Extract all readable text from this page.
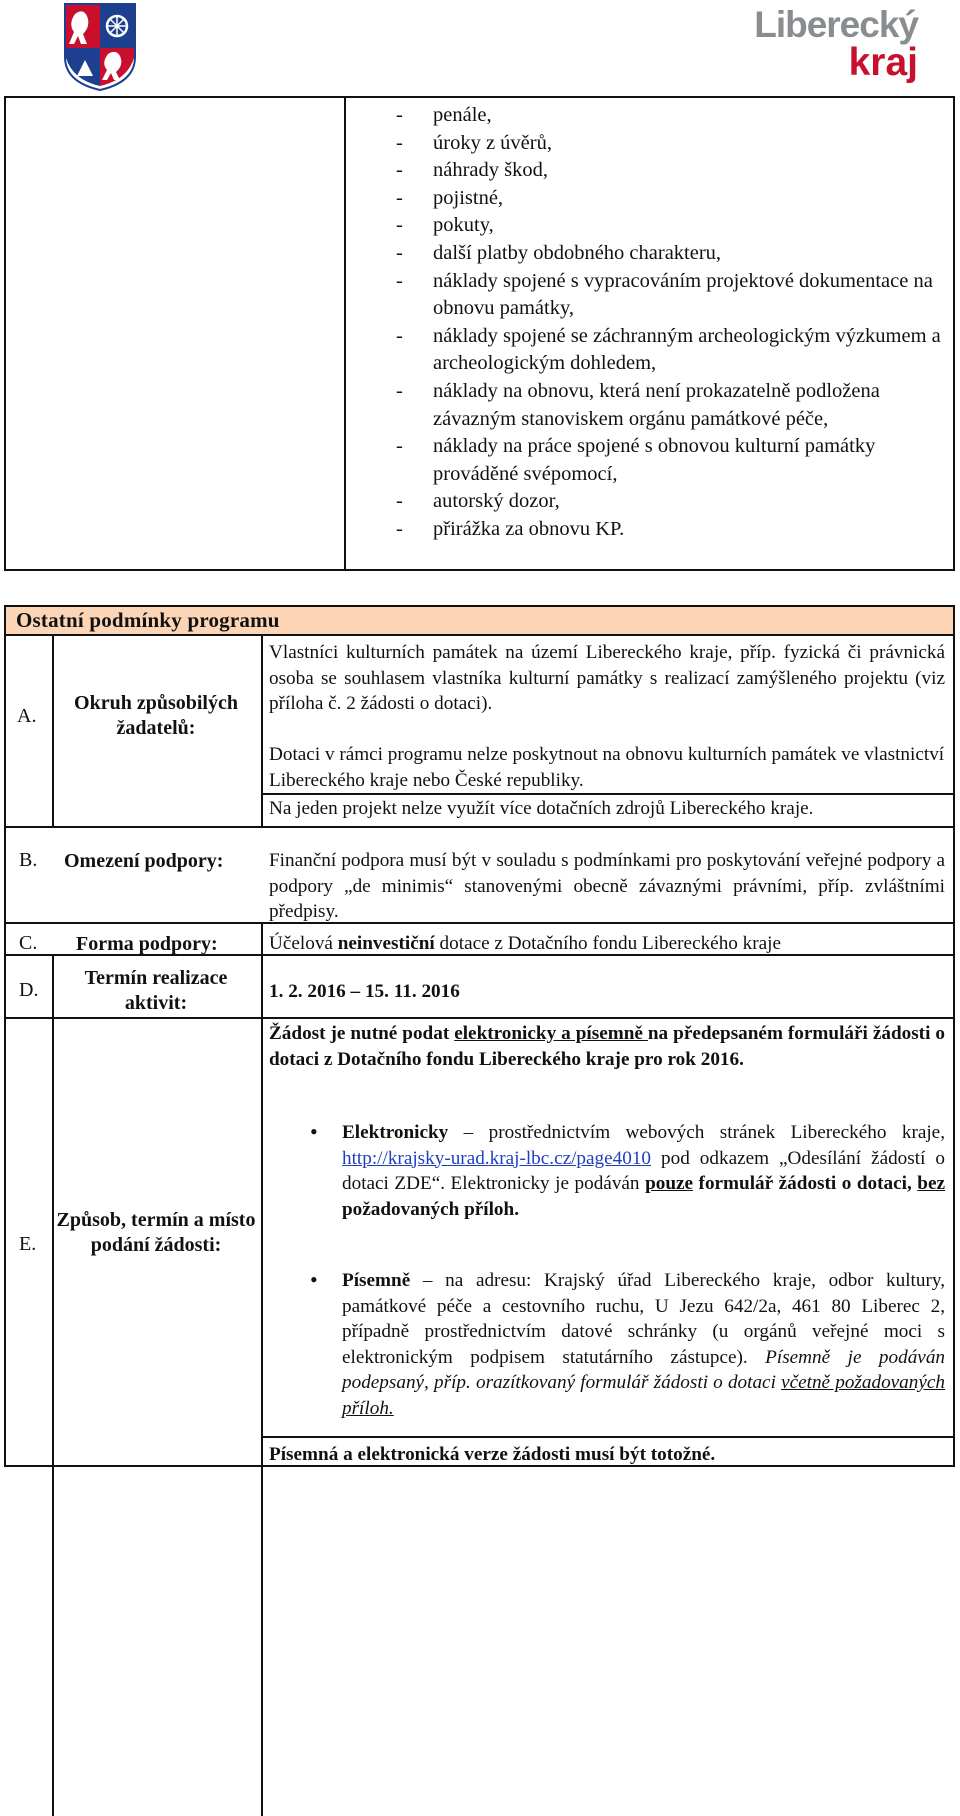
Liberecký
kraj
- penále,
- úroky z úvěrů,
- náhrady škod,
- pojistné,
- pokuty,
- další platby obdobného charakteru,
- náklady spojené s vypracováním projektové dokumentace na obnovu památky,
- náklady spojené se záchranným archeologickým výzkumem a archeologickým dohledem,
- náklady na obnovu, která není prokazatelně podložena závazným stanoviskem orgánu památkové péče,
- náklady na práce spojené s obnovou kulturní památky prováděné svépomocí,
- autorský dozor,
- přirážka za obnovu KP.
Ostatní podmínky programu
A.
Okruh způsobilých žadatelů:
Vlastníci kulturních památek na území Libereckého kraje, příp. fyzická či právnická osoba se souhlasem vlastníka kulturní památky s realizací zamýšleného projektu (viz příloha č. 2 žádosti o dotaci).
Dotaci v rámci programu nelze poskytnout na obnovu kulturních památek ve vlastnictví Libereckého kraje nebo České republiky.
Na jeden projekt nelze využít více dotačních zdrojů Libereckého kraje.
B. Omezení podpory:	Finanční podpora musí být v souladu s podmínkami pro poskytování veřejné podpory a podpory „de minimis“ stanovenými obecně závaznými právními, příp. zvláštními předpisy.
C. Forma podpory:	Účelová neinvestiční dotace z Dotačního fondu Libereckého kraje
D.
Termín realizace aktivit:
1. 2. 2016 – 15. 11. 2016
E.
Způsob, termín a místo podání žádosti:
Žádost je nutné podat elektronicky a písemně na předepsaném formuláři žádosti o dotaci z Dotačního fondu Libereckého kraje pro rok 2016.
• Elektronicky – prostřednictvím webových stránek Libereckého kraje, http://krajsky-urad.kraj-lbc.cz/page4010 pod odkazem „Odesílání žádostí o dotaci ZDE“. Elektronicky je podáván pouze formulář žádosti o dotaci, bez požadovaných příloh.
• Písemně – na adresu: Krajský úřad Libereckého kraje, odbor kultury, památkové péče a cestovního ruchu, U Jezu 642/2a, 461 80 Liberec 2, případně prostřednictvím datové schránky (u orgánů veřejné moci s elektronickým podpisem statutárního zástupce). Písemně je podáván podepsaný, příp. orazítkovaný formulář žádosti o dotaci včetně požadovaných příloh.
Písemná a elektronická verze žádosti musí být totožné.
